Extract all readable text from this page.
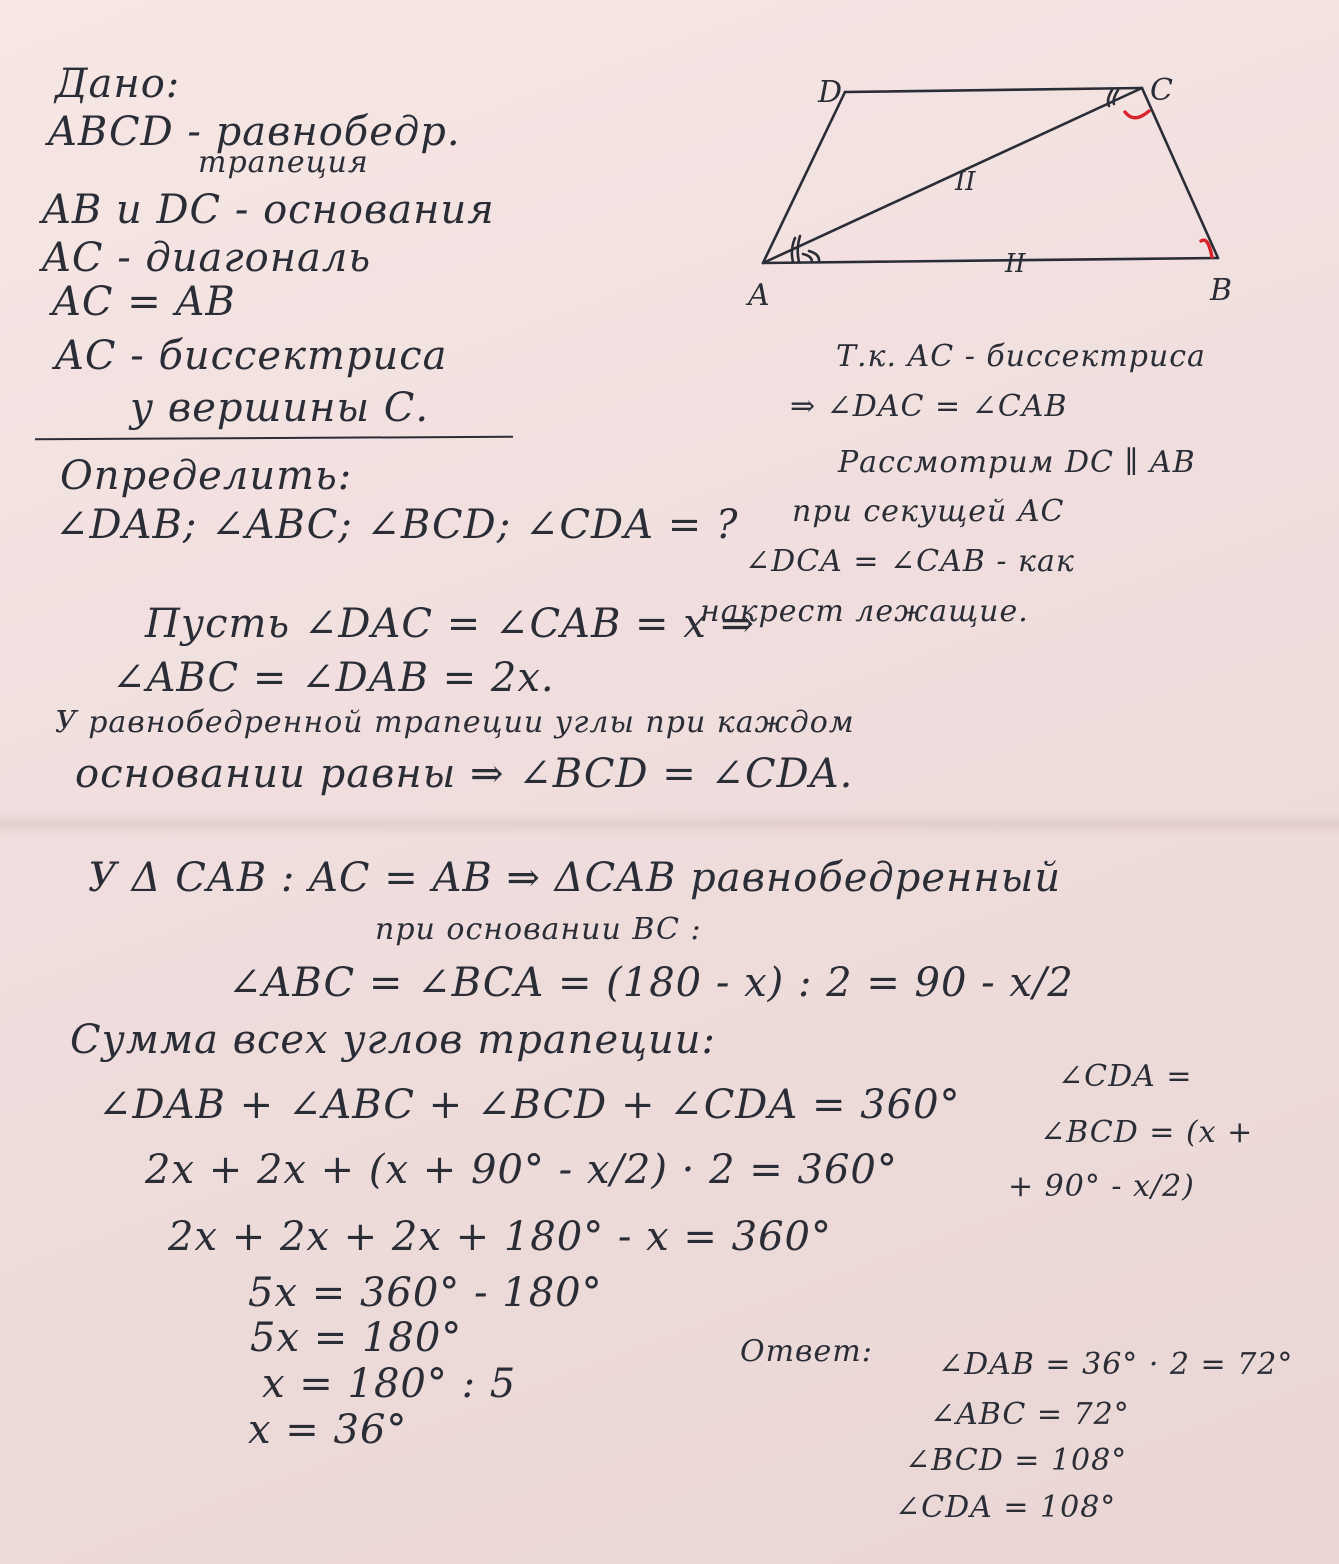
Дано:
ABCD - равнобедр.
трапеция
AB и DC - основания
AC - диагональ
AC = AB
AC - биссектриса
у вершины С.
Определить:
∠DAB; ∠ABC; ∠BCD; ∠CDA = ?
II
II
D	C
A	B
Т.к. AC - биссектриса
⇒ ∠DAC = ∠CAB
Рассмотрим DC ∥ AB
при секущей AC
∠DCA = ∠CAB - как
накрест лежащие.
Пусть ∠DAC = ∠CAB = x ⇒
∠ABC = ∠DAB = 2x.
У равнобедренной трапеции углы при каждом
основании равны ⇒ ∠BCD = ∠CDA.
У Δ CAB : AC = AB ⇒ ΔCAB равнобедренный
при основании BC :
∠ABC = ∠BCA = (180 - x) : 2 = 90 - x/2
Сумма всех углов трапеции:
∠DAB + ∠ABC + ∠BCD + ∠CDA = 360°
2x + 2x + (x + 90° - x/2) · 2 = 360°
2x + 2x + 2x + 180° - x = 360°
5x = 360° - 180°
5x = 180°
x = 180° : 5
x = 36°
∠CDA =
∠BCD = (x +
+ 90° - x/2)
Ответ: ∠DAB = 36° · 2 = 72°
∠ABC = 72°
∠BCD = 108°
∠CDA = 108°
